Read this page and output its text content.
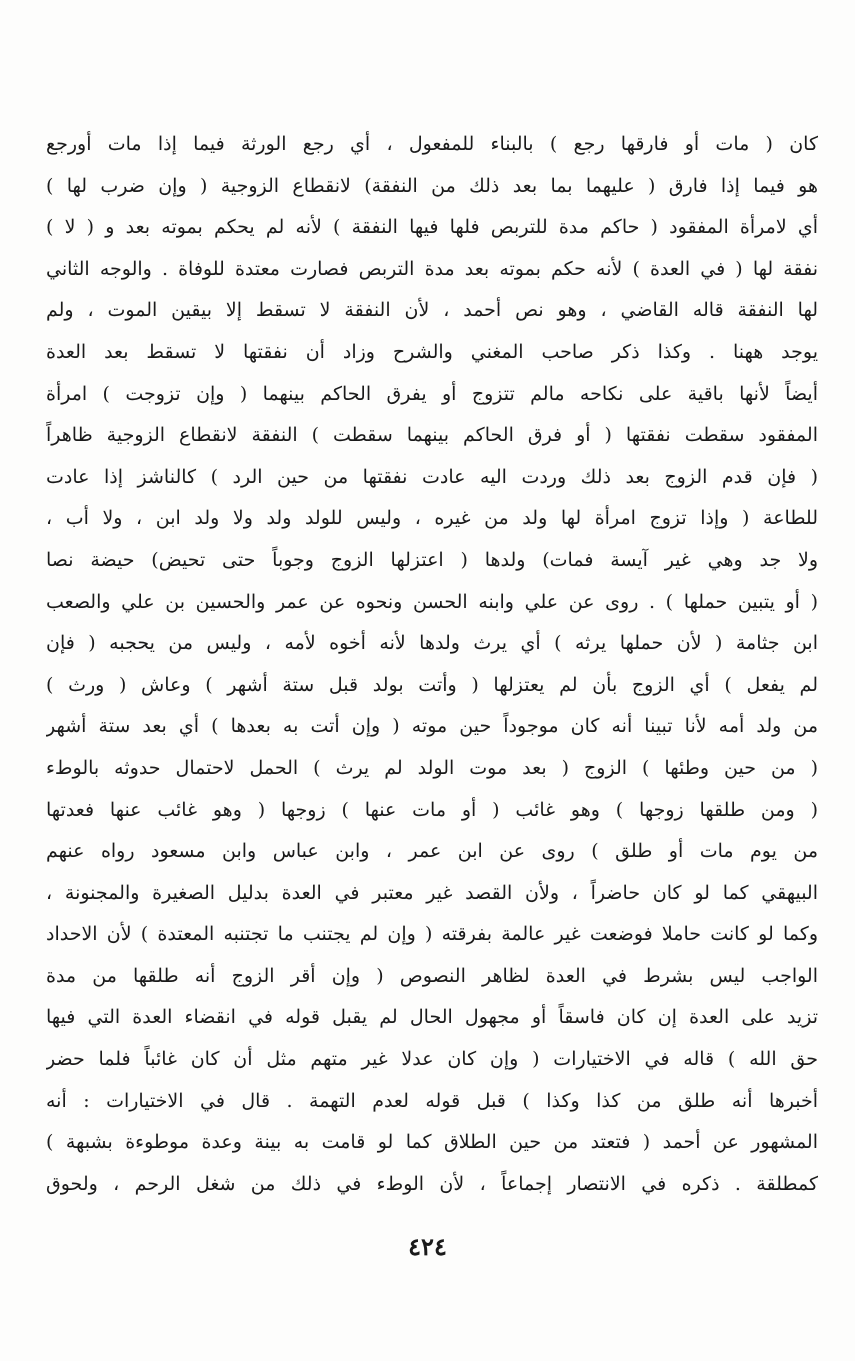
كان ( مات أو فارقها رجع ) بالبناء للمفعول ، أي رجع الورثة فيما إذا مات أورجع
هو فيما إذا فارق ( عليهما بما بعد ذلك من النفقة) لانقطاع الزوجية ( وإن ضرب لها )
أي لامرأة المفقود ( حاكم مدة للتربص فلها فيها النفقة ) لأنه لم يحكم بموته بعد و ( لا )
نفقة لها ( في العدة ) لأنه حكم بموته بعد مدة التربص فصارت معتدة للوفاة . والوجه الثاني
لها النفقة قاله القاضي ، وهو نص أحمد ، لأن النفقة لا تسقط إلا بيقين الموت ، ولم
يوجد ههنا . وكذا ذكر صاحب المغني والشرح وزاد أن نفقتها لا تسقط بعد العدة
أيضاً لأنها باقية على نكاحه مالم تتزوج أو يفرق الحاكم بينهما ( وإن تزوجت ) امرأة
المفقود سقطت نفقتها ( أو فرق الحاكم بينهما سقطت ) النفقة لانقطاع الزوجية ظاهراً
( فإن قدم الزوج بعد ذلك وردت اليه عادت نفقتها من حين الرد ) كالناشز إذا عادت
للطاعة ( وإذا تزوج امرأة لها ولد من غيره ، وليس للولد ولد ولا ولد ابن ، ولا أب ،
ولا جد وهي غير آيسة فمات) ولدها ( اعتزلها الزوج وجوباً حتى تحيض) حيضة نصا
( أو يتبين حملها ) . روى عن علي وابنه الحسن ونحوه عن عمر والحسين بن علي والصعب
ابن جثامة ( لأن حملها يرثه ) أي يرث ولدها لأنه أخوه لأمه ، وليس من يحجبه ( فإن
لم يفعل ) أي الزوج بأن لم يعتزلها ( وأتت بولد قبل ستة أشهر ) وعاش ( ورث )
من ولد أمه لأنا تبينا أنه كان موجوداً حين موته ( وإن أتت به بعدها ) أي بعد ستة أشهر
( من حين وطئها ) الزوج ( بعد موت الولد لم يرث ) الحمل لاحتمال حدوثه بالوطء
( ومن طلقها زوجها ) وهو غائب ( أو مات عنها ) زوجها ( وهو غائب عنها فعدتها
من يوم مات أو طلق ) روى عن ابن عمر ، وابن عباس وابن مسعود رواه عنهم
البيهقي كما لو كان حاضراً ، ولأن القصد غير معتبر في العدة بدليل الصغيرة والمجنونة ،
وكما لو كانت حاملا فوضعت غير عالمة بفرقته ( وإن لم يجتنب ما تجتنبه المعتدة ) لأن الاحداد
الواجب ليس بشرط في العدة لظاهر النصوص ( وإن أقر الزوج أنه طلقها من مدة
تزيد على العدة إن كان فاسقاً أو مجهول الحال لم يقبل قوله في انقضاء العدة التي فيها
حق الله ) قاله في الاختيارات ( وإن كان عدلا غير متهم مثل أن كان غائباً فلما حضر
أخبرها أنه طلق من كذا وكذا ) قبل قوله لعدم التهمة . قال في الاختيارات : أنه
المشهور عن أحمد ( فتعتد من حين الطلاق كما لو قامت به بينة وعدة موطوءة بشبهة )
كمطلقة . ذكره في الانتصار إجماعاً ، لأن الوطء في ذلك من شغل الرحم ، ولحوق
٤٢٤
